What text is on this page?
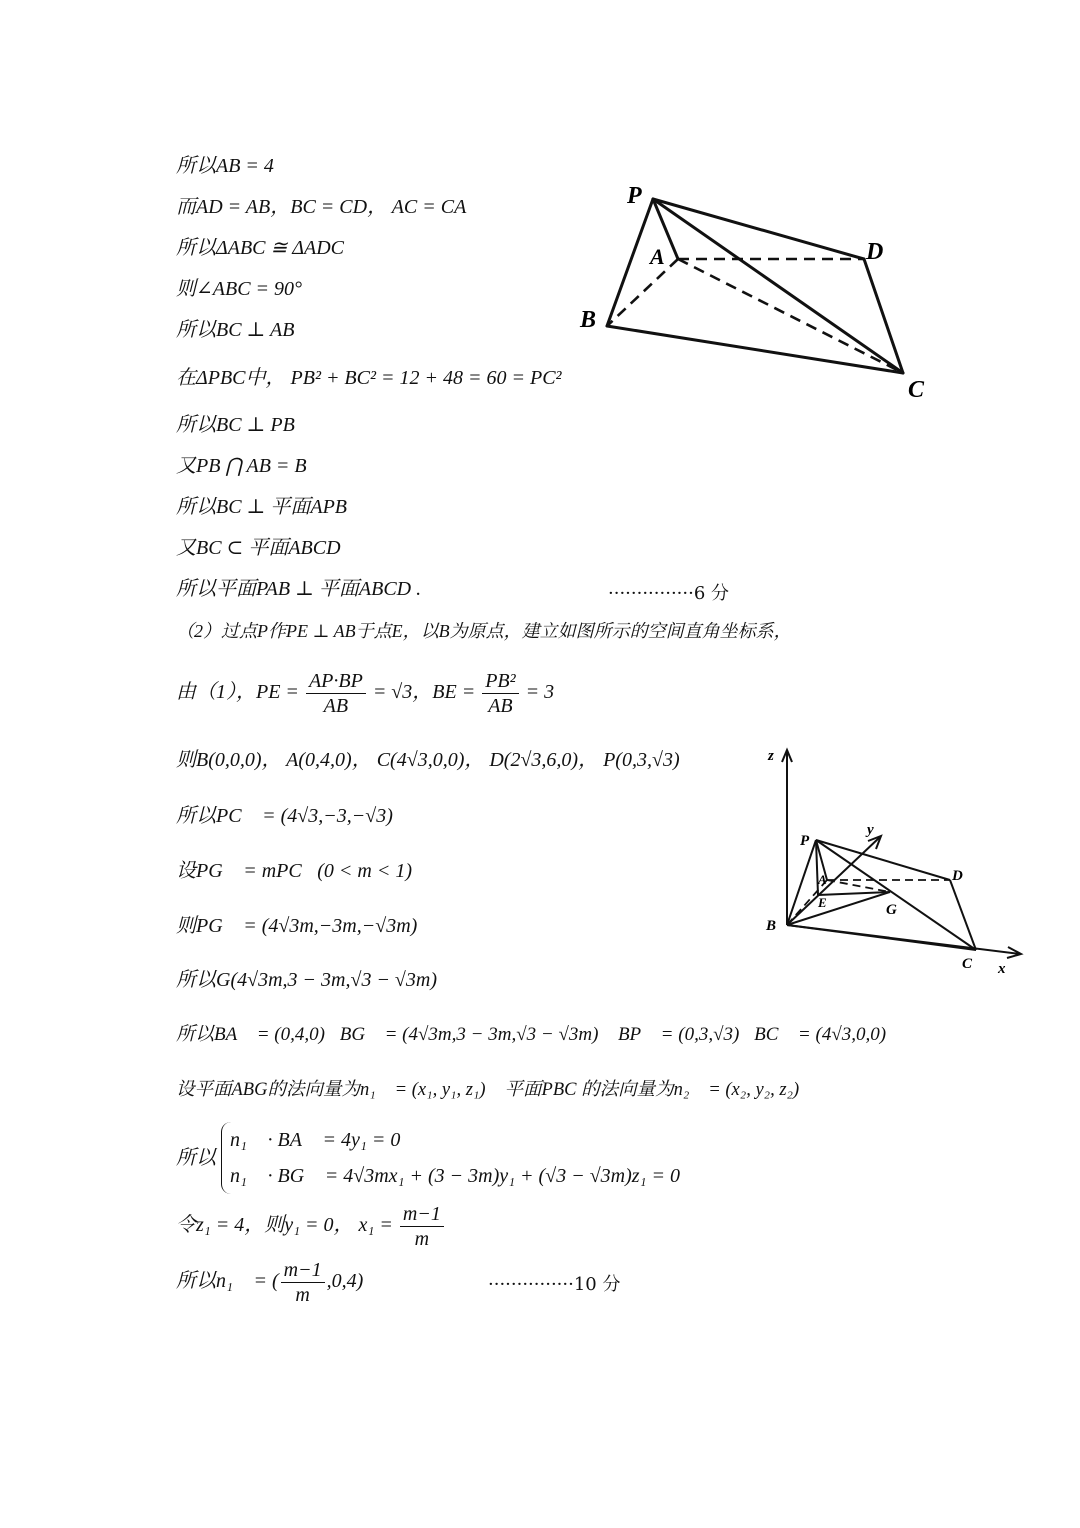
所以AB = 4
而AD = AB，BC = CD， AC = CA
所以ΔABC ≅ ΔADC
则∠ABC = 90°
所以BC ⊥ AB
在ΔPBC中， PB² + BC² = 12 + 48 = 60 = PC²
所以BC ⊥ PB
又PB ⋂ AB = B
所以BC ⊥ 平面APB
又BC ⊂ 平面ABCD
所以平面PAB ⊥ 平面ABCD .	···············6 分
（2）过点P作PE ⊥ AB于点E，以B为原点，建立如图所示的空间直角坐标系，
由（1），PE = $\frac{AP\cdot BP}{AB} = √3$，BE = $\frac{\text{PB²}}{AB} = 3$
则B(0,0,0)， A(0,4,0)， C(4√3,0,0)， D(2√3,6,0)， P(0,3,√3)
所以PC⃗ = (4√3,−3,−√3)
设PG⃗ = mPC⃗(0 < m < 1)，
则PG⃗ = (4√3m,−3m,−√3m)
所以G(4√3m,3 − 3m,√3 − √3m)
所以BA⃗ = (0,4,0)，BG⃗ = (4√3m,3 − 3m,√3 − √3m)， BP⃗ = (0,3,√3)，BC⃗ = (4√3,0,0)
设平面ABG的法向量为n₁⃗ = (x₁, y₁, z₁)， 平面PBC 的法向量为n₂⃗ = (x₂, y₂, z₂)
所以
n₁⃗ · BA⃗ = 4y₁ = 0
n₁⃗ · BG⃗ = 4√3mx₁ + (3 − 3m)y₁ + (√3 − √3m)z₁ = 0
令z₁ = 4，则y₁ = 0， $x_1 = \frac{m-1}{m}$
所以n₁⃗ = ( $\frac{m-1}{m} ,0,4$)	···············10 分
P
A	D
B
C
z
y
x
P
A
E	G
D
B
C
